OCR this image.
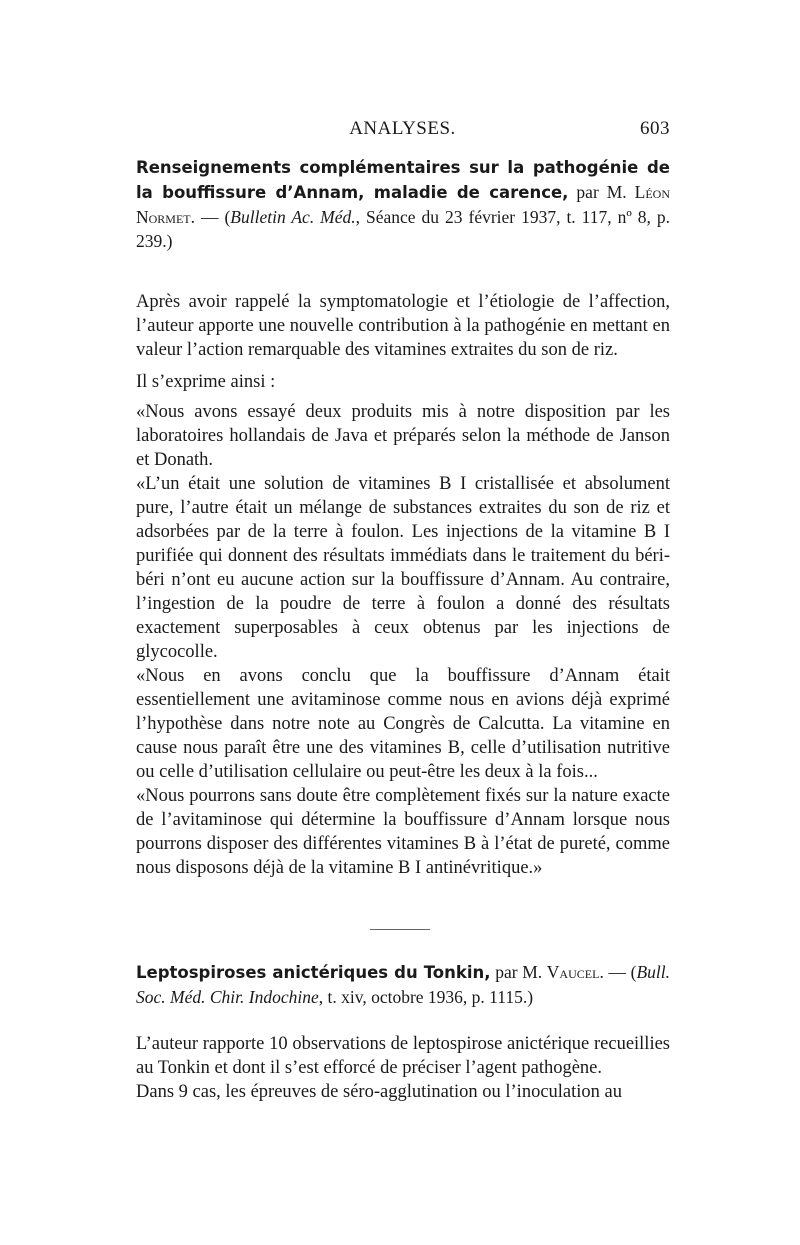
ANALYSES.	603
Renseignements complémentaires sur la pathogénie de la bouffissure d’Annam, maladie de carence, par M. Léon Normet. — (Bulletin Ac. Méd., Séance du 23 février 1937, t. 117, nº 8, p. 239.)

Après avoir rappelé la symptomatologie et l’étiologie de l’affection, l’auteur apporte une nouvelle contribution à la pathogénie en mettant en valeur l’action remarquable des vitamines extraites du son de riz.

Il s’exprime ainsi :

«Nous avons essayé deux produits mis à notre disposition par les laboratoires hollandais de Java et préparés selon la méthode de Janson et Donath.

«L’un était une solution de vitamines B I cristallisée et absolument pure, l’autre était un mélange de substances extraites du son de riz et adsorbées par de la terre à foulon. Les injections de la vitamine B I purifiée qui donnent des résultats immédiats dans le traitement du béri-béri n’ont eu aucune action sur la bouffissure d’Annam. Au contraire, l’ingestion de la poudre de terre à foulon a donné des résultats exactement superposables à ceux obtenus par les injections de glycocolle.

«Nous en avons conclu que la bouffissure d’Annam était essentiellement une avitaminose comme nous en avions déjà exprimé l’hypothèse dans notre note au Congrès de Calcutta. La vitamine en cause nous paraît être une des vitamines B, celle d’utilisation nutritive ou celle d’utilisation cellulaire ou peut-être les deux à la fois...

«Nous pourrons sans doute être complètement fixés sur la nature exacte de l’avitaminose qui détermine la bouffissure d’Annam lorsque nous pourrons disposer des différentes vitamines B à l’état de pureté, comme nous disposons déjà de la vitamine B I antinévritique.»

Leptospiroses anictériques du Tonkin, par M. Vaucel. — (Bull. Soc. Méd. Chir. Indochine, t. xiv, octobre 1936, p. 1115.)

L’auteur rapporte 10 observations de leptospirose anictérique recueillies au Tonkin et dont il s’est efforcé de préciser l’agent pathogène.

Dans 9 cas, les épreuves de séro-agglutination ou l’inoculation au
